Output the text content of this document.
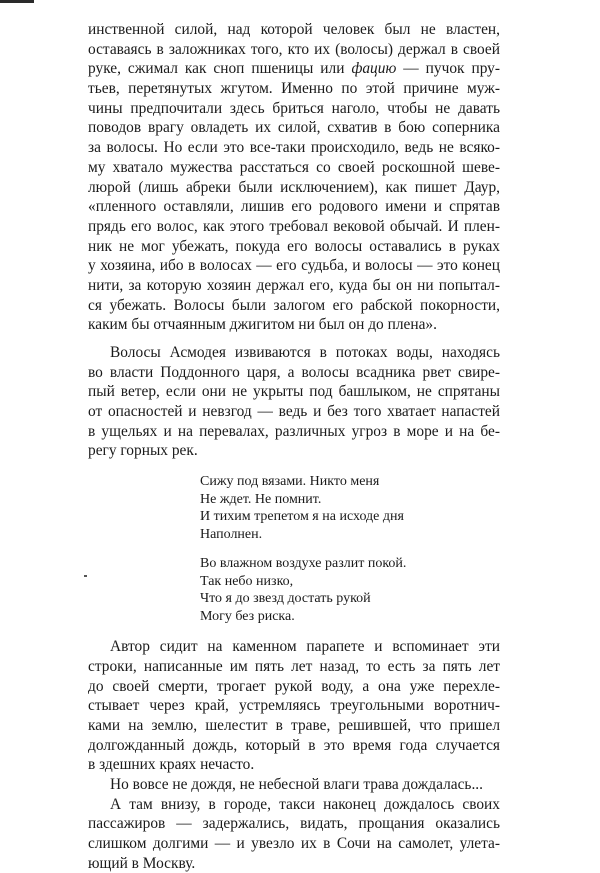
инственной силой, над которой человек был не властен,
оставаясь в заложниках того, кто их (волосы) держал в своей
руке, сжимал как сноп пшеницы или фацию — пучок пру-
тьев, перетянутых жгутом. Именно по этой причине муж-
чины предпочитали здесь бриться наголо, чтобы не давать
поводов врагу овладеть их силой, схватив в бою соперника
за волосы. Но если это все-таки происходило, ведь не всяко-
му хватало мужества расстаться со своей роскошной шеве-
люрой (лишь абреки были исключением), как пишет Даур,
«пленного оставляли, лишив его родового имени и спрятав
прядь его волос, как этого требовал вековой обычай. И плен-
ник не мог убежать, покуда его волосы оставались в руках
у хозяина, ибо в волосах — его судьба, и волосы — это конец
нити, за которую хозяин держал его, куда бы он ни попытал-
ся убежать. Волосы были залогом его рабской покорности,
каким бы отчаянным джигитом ни был он до плена».
Волосы Асмодея извиваются в потоках воды, находясь
во власти Поддонного царя, а волосы всадника рвет свире-
пый ветер, если они не укрыты под башлыком, не спрятаны
от опасностей и невзгод — ведь и без того хватает напастей
в ущельях и на перевалах, различных угроз в море и на бе-
регу горных рек.
Сижу под вязами. Никто меня
Не ждет. Не помнит.
И тихим трепетом я на исходе дня
Наполнен.
Во влажном воздухе разлит покой.
Так небо низко,
Что я до звезд достать рукой
Могу без риска.
Автор сидит на каменном парапете и вспоминает эти
строки, написанные им пять лет назад, то есть за пять лет
до своей смерти, трогает рукой воду, а она уже перехле-
стывает через край, устремляясь треугольными воротнич-
ками на землю, шелестит в траве, решившей, что пришел
долгожданный дождь, который в это время года случается
в здешних краях нечасто.
Но вовсе не дождя, не небесной влаги трава дождалась...
А там внизу, в городе, такси наконец дождалось своих
пассажиров — задержались, видать, прощания оказались
слишком долгими — и увезло их в Сочи на самолет, улета-
ющий в Москву.
